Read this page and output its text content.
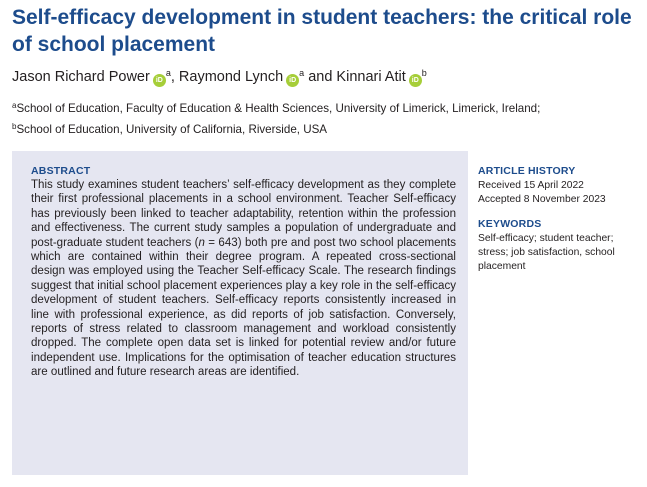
Self-efficacy development in student teachers: the critical role of school placement
Jason Richard Power $iD^a$, Raymond Lynch $iD^a$ and Kinnari Atit $iD^b$
$^a$School of Education, Faculty of Education & Health Sciences, University of Limerick, Limerick, Ireland;
$^b$School of Education, University of California, Riverside, USA
ABSTRACT

This study examines student teachers’ self-efficacy development as they complete their first professional placements in a school environment. Teacher Self-efficacy has previously been linked to teacher adaptability, retention within the profession and effectiveness. The current study samples a population of undergraduate and post-graduate student teachers (n = 643) both pre and post two school placements which are contained within their degree program. A repeated cross-sectional design was employed using the Teacher Self-efficacy Scale. The research findings suggest that initial school placement experiences play a key role in the self-efficacy development of student teachers. Self-efficacy reports consistently increased in line with professional experience, as did reports of job satisfaction. Conversely, reports of stress related to classroom management and workload consistently dropped. The complete open data set is linked for potential review and/or future independent use. Implications for the optimisation of teacher education structures are outlined and future research areas are identified.

ARTICLE HISTORY
Received 15 April 2022
Accepted 8 November 2023
KEYWORDS
Self-efficacy; student teacher; stress; job satisfaction, school placement
